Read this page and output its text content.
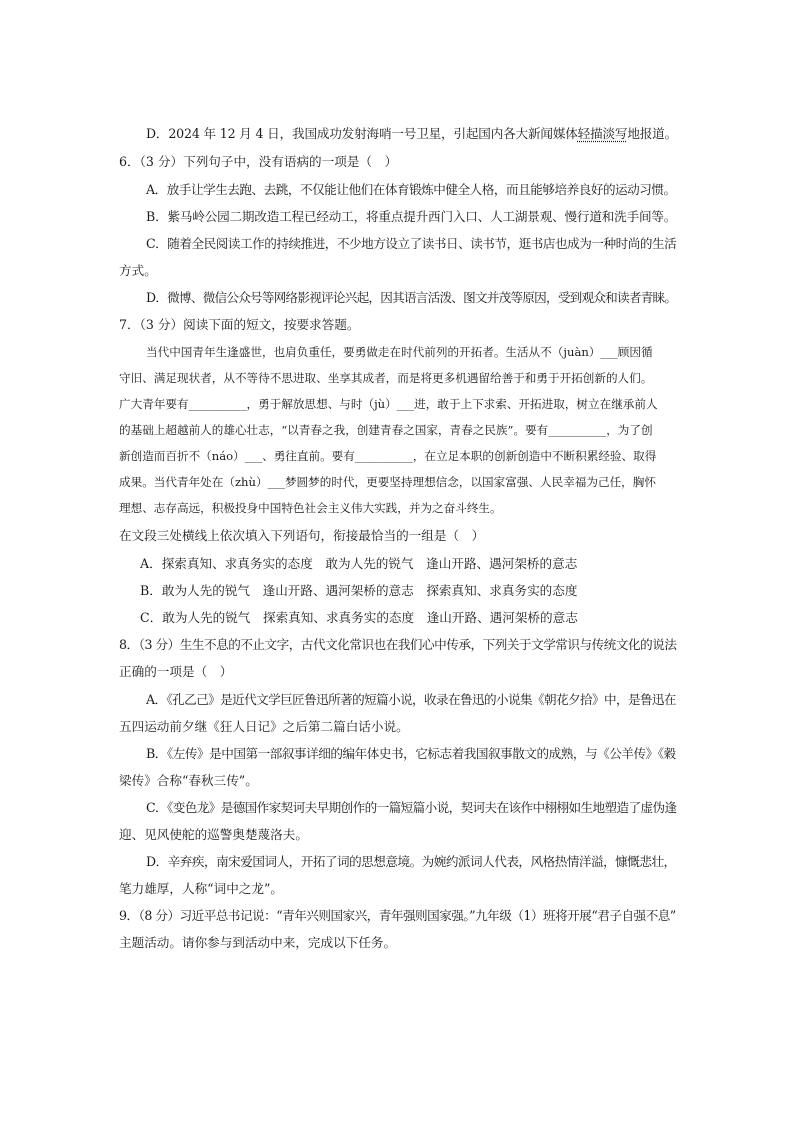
D．2024 年 12 月 4 日，我国成功发射海哨一号卫星，引起国内各大新闻媒体轻描淡写地报道。
6．（3 分）下列句子中，没有语病的一项是（　）
A．放手让学生去跑、去跳，不仅能让他们在体育锻炼中健全人格，而且能够培养良好的运动习惯。
B．紫马岭公园二期改造工程已经动工，将重点提升西门入口、人工湖景观、慢行道和洗手间等。
C．随着全民阅读工作的持续推进，不少地方设立了读书日、读书节，逛书店也成为一种时尚的生活
方式。
D．微博、微信公众号等网络影视评论兴起，因其语言活泼、图文并茂等原因，受到观众和读者青睐。
7．（3 分）阅读下面的短文，按要求答题。
当代中国青年生逢盛世，也肩负重任，要勇做走在时代前列的开拓者。生活从不（juàn）___顾因循
守旧、满足现状者，从不等待不思进取、坐享其成者，而是将更多机遇留给善于和勇于开拓创新的人们。
广大青年要有__________，勇于解放思想、与时（jù）___进，敢于上下求索、开拓进取，树立在继承前人
的基础上超越前人的雄心壮志，“以青春之我，创建青春之国家，青春之民族”。要有__________，为了创
新创造而百折不（náo）___、勇往直前。要有__________，在立足本职的创新创造中不断积累经验、取得
成果。当代青年处在（zhù）___梦圆梦的时代，更要坚持理想信念，以国家富强、人民幸福为己任，胸怀
理想、志存高远，积极投身中国特色社会主义伟大实践，并为之奋斗终生。
在文段三处横线上依次填入下列语句，衔接最恰当的一组是（　）
A．探索真知、求真务实的态度　敢为人先的锐气　逢山开路、遇河架桥的意志
B．敢为人先的锐气　逢山开路、遇河架桥的意志　探索真知、求真务实的态度
C．敢为人先的锐气　探索真知、求真务实的态度　逢山开路、遇河架桥的意志
8．（3 分）生生不息的不止文字，古代文化常识也在我们心中传承，下列关于文学常识与传统文化的说法
正确的一项是（　）
A．《孔乙己》是近代文学巨匠鲁迅所著的短篇小说，收录在鲁迅的小说集《朝花夕拾》中，是鲁迅在
五四运动前夕继《狂人日记》之后第二篇白话小说。
B．《左传》是中国第一部叙事详细的编年体史书，它标志着我国叙事散文的成熟，与《公羊传》《穀
梁传》合称“春秋三传”。
C．《变色龙》是德国作家契诃夫早期创作的一篇短篇小说，契诃夫在该作中栩栩如生地塑造了虚伪逢
迎、见风使舵的巡警奥楚蔑洛夫。
D．辛弃疾，南宋爱国词人，开拓了词的思想意境。为婉约派词人代表，风格热情洋溢，慷慨悲壮，
笔力雄厚，人称“词中之龙”。
9．（8 分）习近平总书记说：“青年兴则国家兴，青年强则国家强。”九年级（1）班将开展“君子自强不息”
主题活动。请你参与到活动中来，完成以下任务。
